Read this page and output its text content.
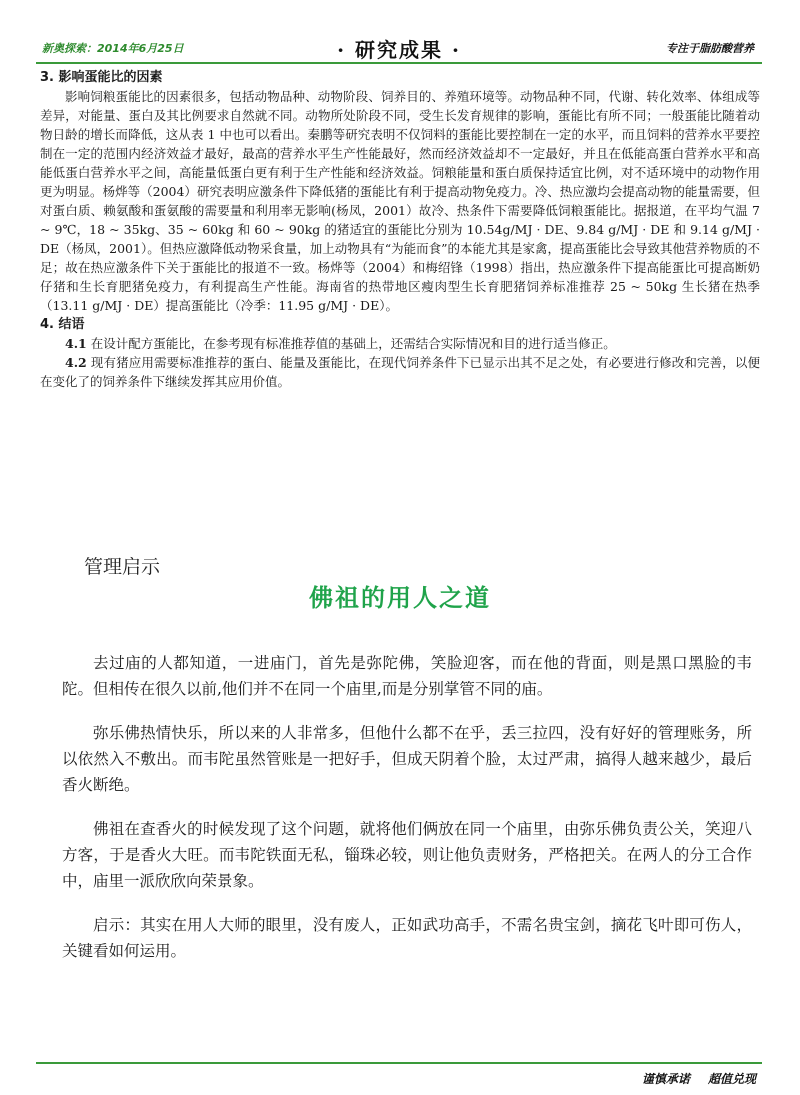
新奥探索：2014年6月25日	· 研究成果 ·	专注于脂肪酸营养
3. 影响蛋能比的因素

影响饲粮蛋能比的因素很多，包括动物品种、动物阶段、饲养目的、养殖环境等。动物品种不同，代谢、转化效率、体组成等差异，对能量、蛋白及其比例要求自然就不同。动物所处阶段不同，受生长发育规律的影响，蛋能比有所不同；一般蛋能比随着动物日龄的增长而降低，这从表 1 中也可以看出。秦鹏等研究表明不仅饲料的蛋能比要控制在一定的水平，而且饲料的营养水平要控制在一定的范围内经济效益才最好，最高的营养水平生产性能最好，然而经济效益却不一定最好，并且在低能高蛋白营养水平和高能低蛋白营养水平之间，高能量低蛋白更有利于生产性能和经济效益。饲粮能量和蛋白质保持适宜比例，对不适环境中的动物作用更为明显。杨烨等（2004）研究表明应激条件下降低猪的蛋能比有利于提高动物免疫力。冷、热应激均会提高动物的能量需要，但对蛋白质、赖氨酸和蛋氨酸的需要量和利用率无影响(杨凤，2001）故冷、热条件下需要降低饲粮蛋能比。据报道，在平均气温 7 ~ 9℃，18 ~ 35kg、35 ~ 60kg 和 60 ~ 90kg 的猪适宜的蛋能比分别为 10.54g/MJ · DE、9.84 g/MJ · DE 和 9.14 g/MJ · DE（杨凤，2001）。但热应激降低动物采食量，加上动物具有“为能而食”的本能尤其是家禽，提高蛋能比会导致其他营养物质的不足；故在热应激条件下关于蛋能比的报道不一致。杨烨等（2004）和梅绍锋（1998）指出，热应激条件下提高能蛋比可提高断奶仔猪和生长育肥猪免疫力，有利提高生产性能。海南省的热带地区瘦肉型生长育肥猪饲养标准推荐 25 ~ 50kg 生长猪在热季（13.11 g/MJ · DE）提高蛋能比（冷季：11.95 g/MJ · DE）。

4. 结语

4.1 在设计配方蛋能比，在参考现有标准推荐值的基础上，还需结合实际情况和目的进行适当修正。

4.2 现有猪应用需要标准推荐的蛋白、能量及蛋能比，在现代饲养条件下已显示出其不足之处，有必要进行修改和完善，以便在变化了的饲养条件下继续发挥其应用价值。

管理启示
佛祖的用人之道

去过庙的人都知道，一进庙门，首先是弥陀佛，笑脸迎客，而在他的背面，则是黑口黑脸的韦陀。但相传在很久以前,他们并不在同一个庙里,而是分别掌管不同的庙。

弥乐佛热情快乐，所以来的人非常多，但他什么都不在乎，丢三拉四，没有好好的管理账务，所以依然入不敷出。而韦陀虽然管账是一把好手，但成天阴着个脸，太过严肃，搞得人越来越少，最后香火断绝。

佛祖在查香火的时候发现了这个问题，就将他们俩放在同一个庙里，由弥乐佛负责公关，笑迎八方客，于是香火大旺。而韦陀铁面无私，锱珠必较，则让他负责财务，严格把关。在两人的分工合作中，庙里一派欣欣向荣景象。

启示：其实在用人大师的眼里，没有废人，正如武功高手，不需名贵宝剑，摘花飞叶即可伤人，关键看如何运用。

谨慎承诺 超值兑现
